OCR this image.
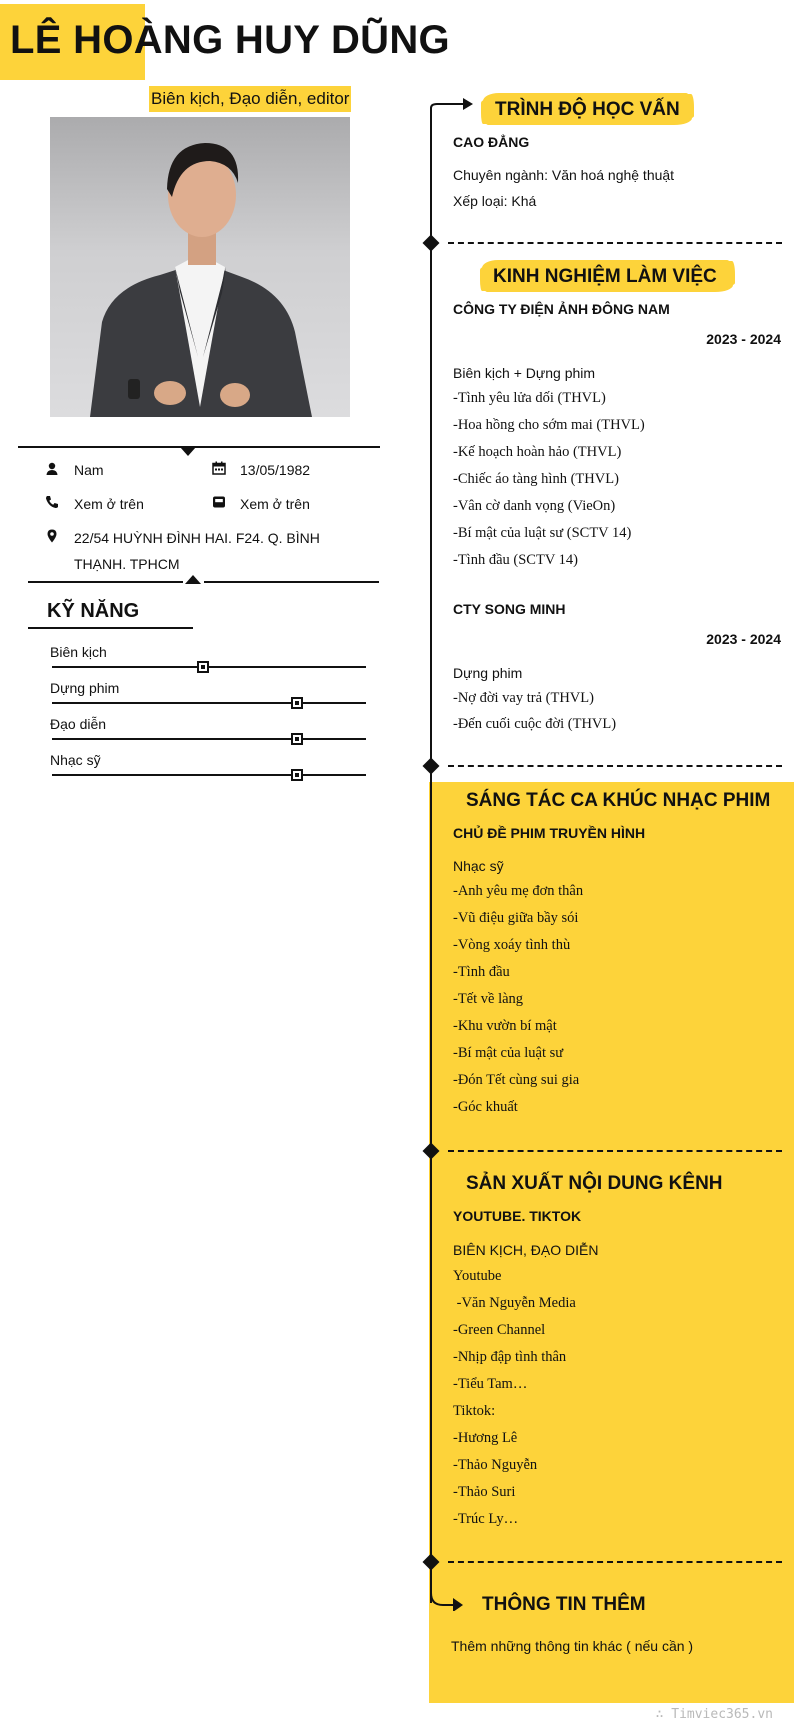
LÊ HOÀNG HUY DŨNG
Biên kịch, Đạo diễn, editor
Nam	13/05/1982
Xem ở trên	Xem ở trên
22/54 HUỲNH ĐÌNH HAI. F24. Q. BÌNH
THẠNH. TPHCM
KỸ NĂNG
Biên kịch
Dựng phim
Đạo diễn
Nhạc sỹ
TRÌNH ĐỘ HỌC VẤN
CAO ĐẲNG
Chuyên ngành: Văn hoá nghệ thuật
Xếp loại: Khá
KINH NGHIỆM LÀM VIỆC
CÔNG TY ĐIỆN ẢNH ĐÔNG NAM
2023 - 2024
Biên kịch + Dựng phim
-Tình yêu lửa dối (THVL)
-Hoa hồng cho sớm mai (THVL)
-Kế hoạch hoàn hảo (THVL)
-Chiếc áo tàng hình (THVL)
-Vân cờ danh vọng (VieOn)
-Bí mật của luật sư (SCTV 14)
-Tình đầu (SCTV 14)
CTY SONG MINH
2023 - 2024
Dựng phim
-Nợ đời vay trả (THVL)
-Đến cuối cuộc đời (THVL)
SÁNG TÁC CA KHÚC NHẠC PHIM
CHỦ ĐỀ PHIM TRUYỀN HÌNH
Nhạc sỹ
-Anh yêu mẹ đơn thân
-Vũ điệu giữa bầy sói
-Vòng xoáy tình thù
-Tình đầu
-Tết về làng
-Khu vườn bí mật
-Bí mật của luật sư
-Đón Tết cùng sui gia
-Góc khuất
SẢN XUẤT NỘI DUNG KÊNH
YOUTUBE. TIKTOK
BIÊN KỊCH, ĐẠO DIỄN
Youtube
-Văn Nguyễn Media
-Green Channel
-Nhịp đập tình thân
-Tiểu Tam…
Tiktok:
-Hương Lê
-Thảo Nguyễn
-Thảo Suri
-Trúc Ly…
THÔNG TIN THÊM
Thêm những thông tin khác ( nếu cần )
∴ Timviec365.vn
